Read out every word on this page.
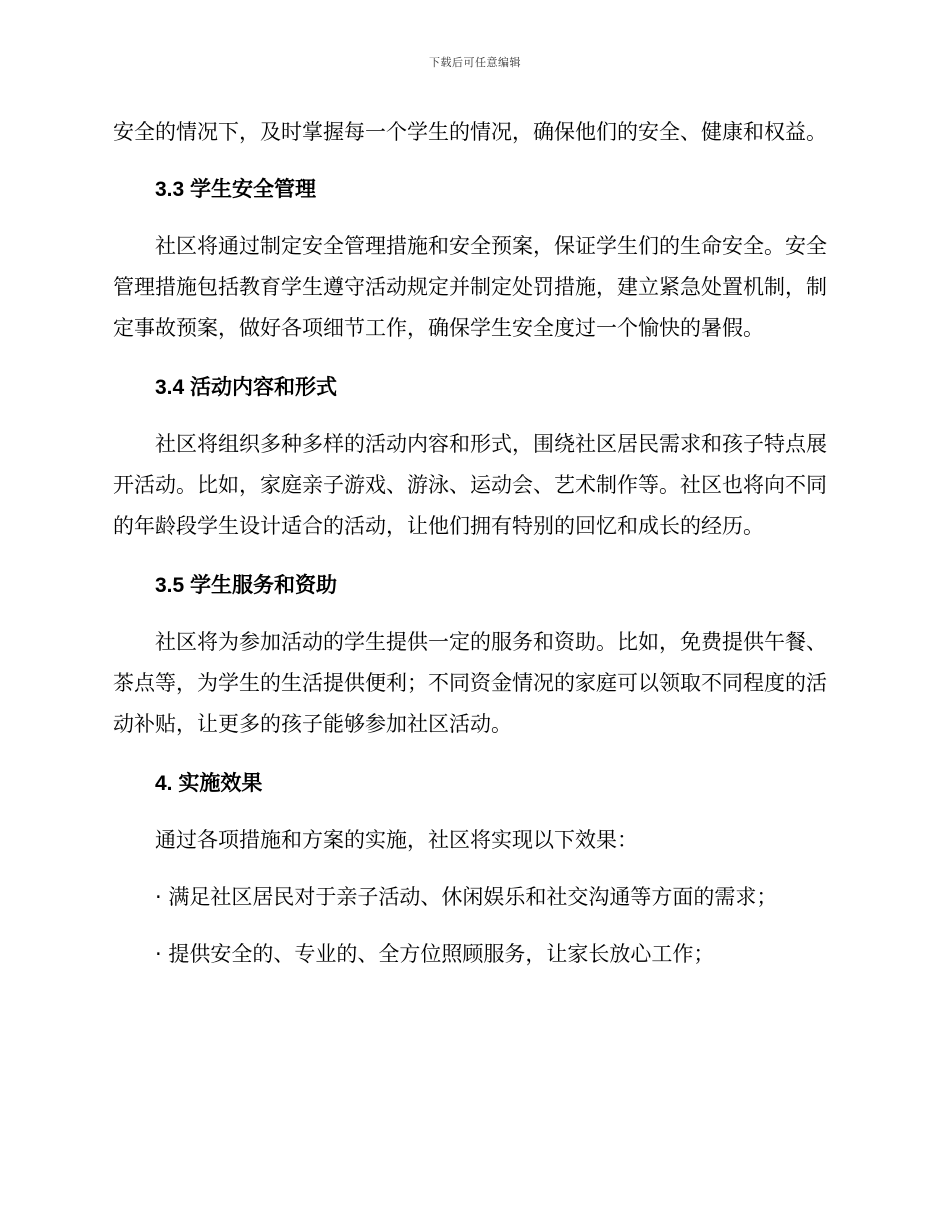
下载后可任意编辑

安全的情况下，及时掌握每一个学生的情况，确保他们的安全、健康和权益。

3.3 学生安全管理

社区将通过制定安全管理措施和安全预案，保证学生们的生命安全。安全管理措施包括教育学生遵守活动规定并制定处罚措施，建立紧急处置机制，制定事故预案，做好各项细节工作，确保学生安全度过一个愉快的暑假。

3.4 活动内容和形式

社区将组织多种多样的活动内容和形式，围绕社区居民需求和孩子特点展开活动。比如，家庭亲子游戏、游泳、运动会、艺术制作等。社区也将向不同的年龄段学生设计适合的活动，让他们拥有特别的回忆和成长的经历。

3.5 学生服务和资助

社区将为参加活动的学生提供一定的服务和资助。比如，免费提供午餐、茶点等，为学生的生活提供便利；不同资金情况的家庭可以领取不同程度的活动补贴，让更多的孩子能够参加社区活动。

4. 实施效果

通过各项措施和方案的实施，社区将实现以下效果：

· 满足社区居民对于亲子活动、休闲娱乐和社交沟通等方面的需求；

· 提供安全的、专业的、全方位照顾服务，让家长放心工作；
